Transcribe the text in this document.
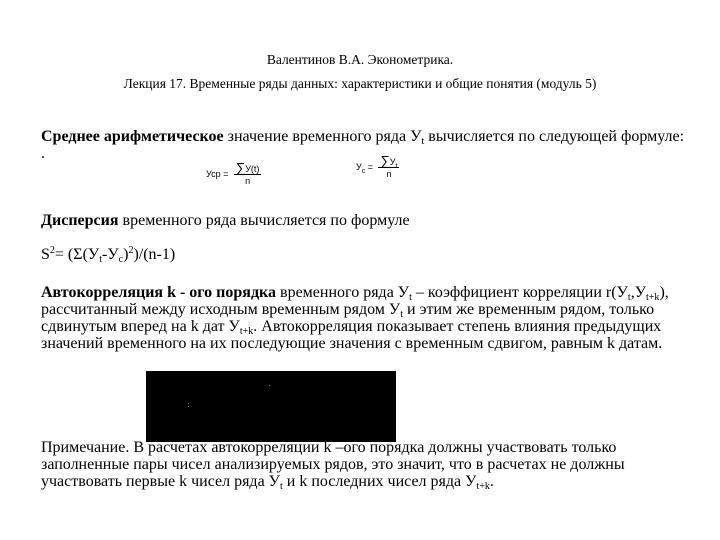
Валентинов В.А. Эконометрика.
Лекция 17. Временные ряды данных: характеристики и общие понятия (модуль 5)
Среднее арифметическое значение временного ряда $У_t$ вычисляется по следующей формуле:
.
Уср = $\frac{\sum У(t)}{n}$	$У_c = \frac{\sum У_t}{n}$
Дисперсия временного ряда вычисляется по формуле
$S^2= (\Sigma(У_t-У_c)^2)/(n-1)$
Автокорреляция k - ого порядка временного ряда $У_t$ – коэффициент корреляции $r(У_t,У_{t+k})$, рассчитанный между исходным временным рядом $У_t$ и этим же временным рядом, только сдвинутым вперед на k дат $У_{t+k}$. Автокорреляция показывает степень влияния предыдущих значений временного на их последующие значения с временным сдвигом, равным k датам.
Примечание. В расчетах автокорреляции k –ого порядка должны участвовать только заполненные пары чисел анализируемых рядов, это значит, что в расчетах не должны участвовать первые k чисел ряда $У_t$ и k последних чисел ряда $У_{t+k}$.
